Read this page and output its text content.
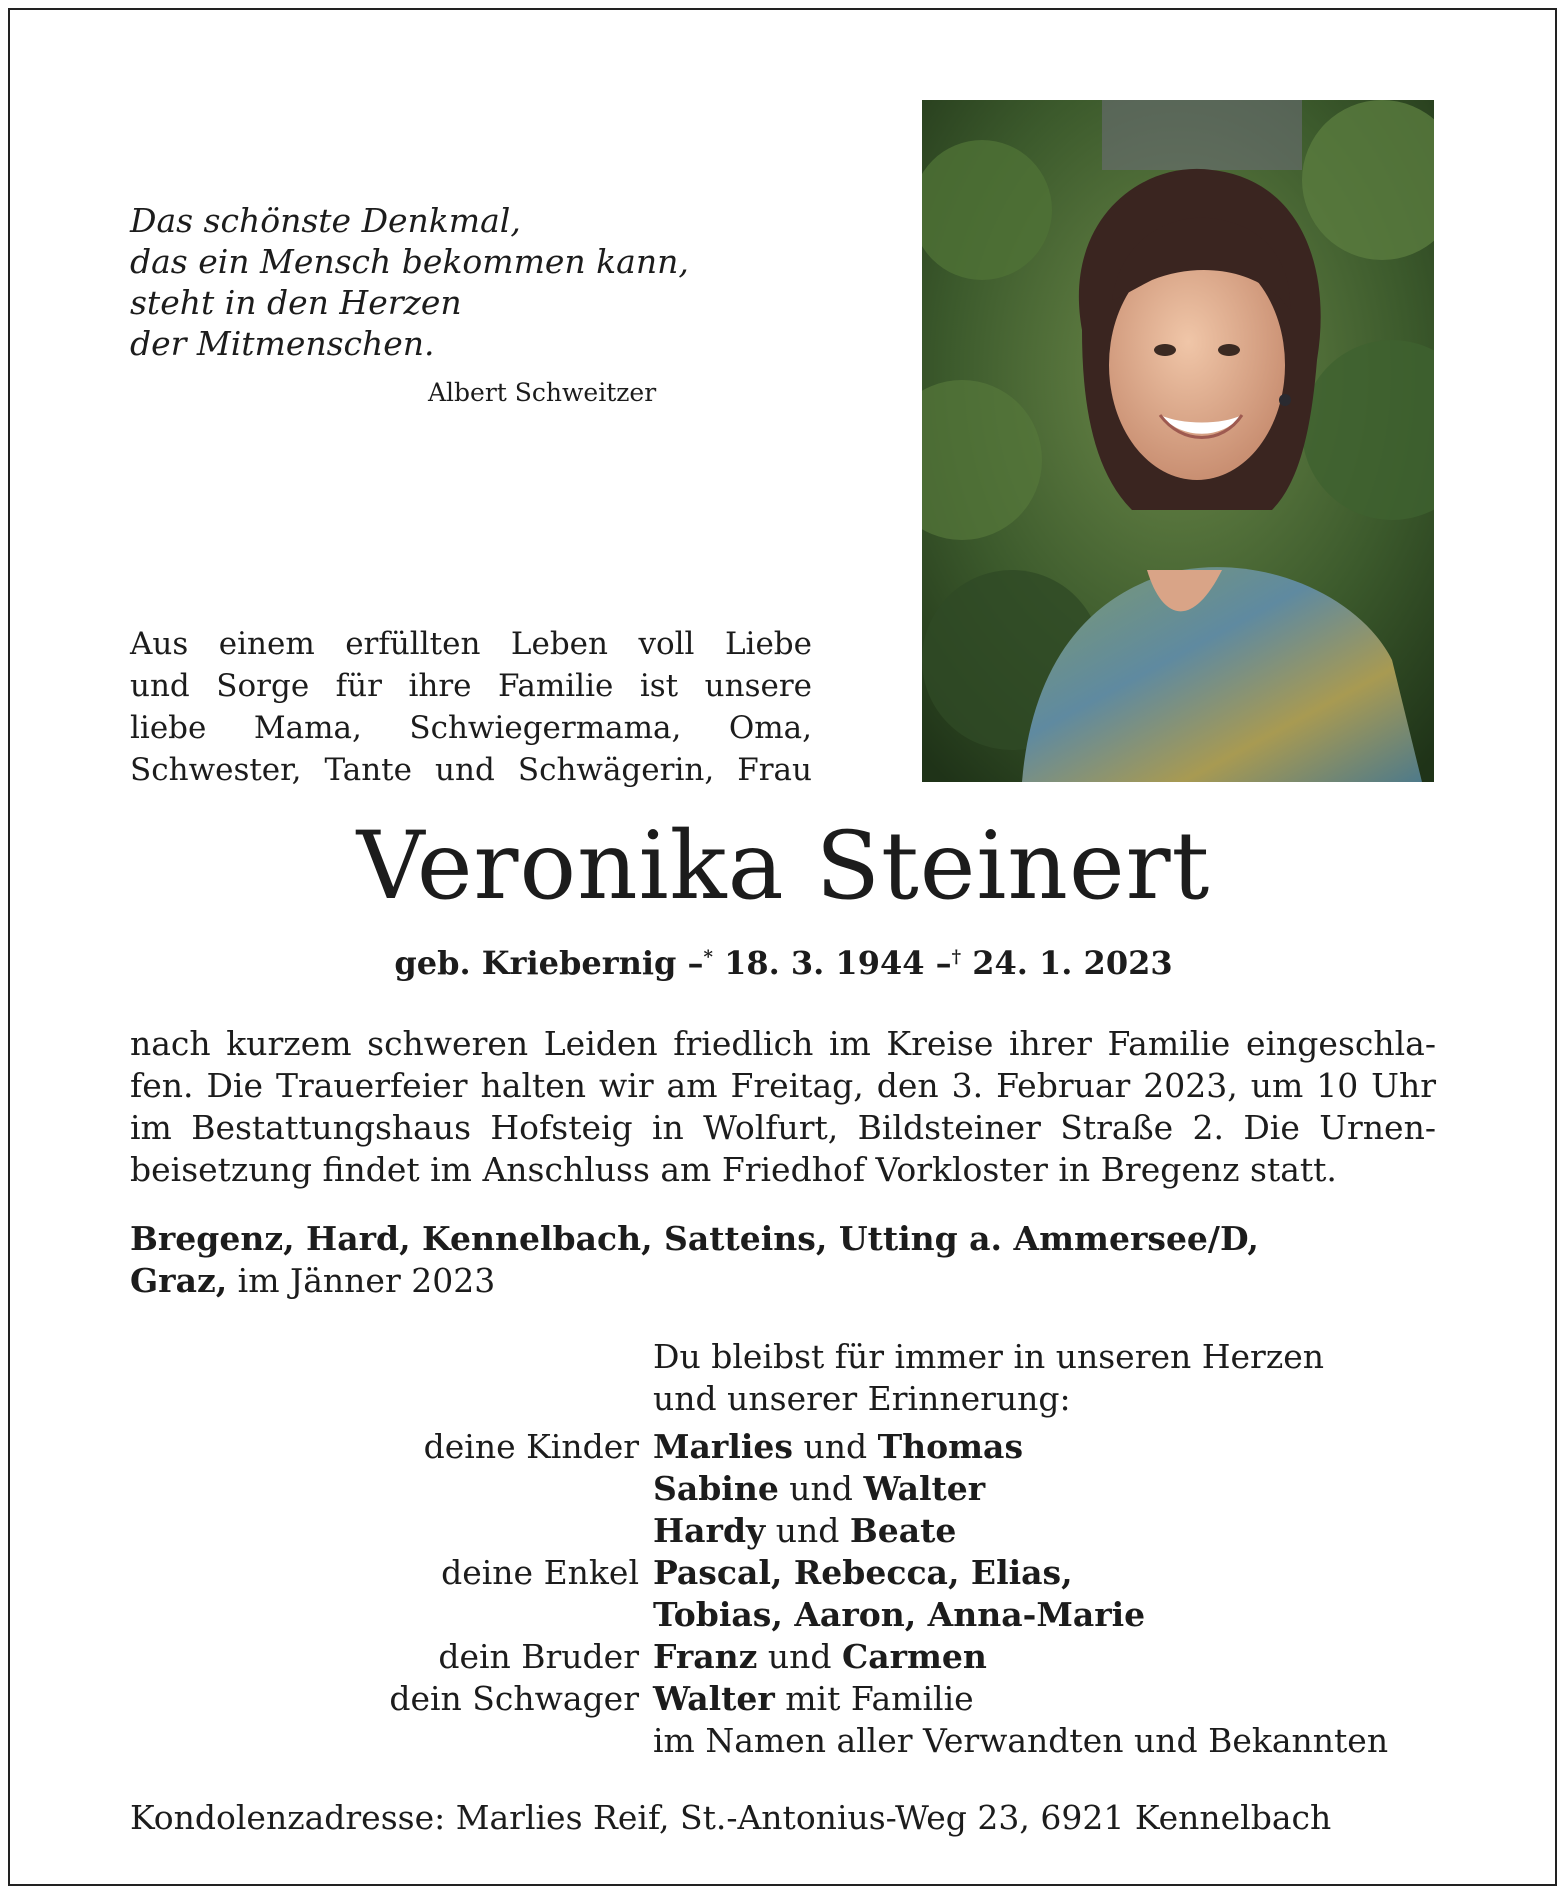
Das schönste Denkmal,
das ein Mensch bekommen kann,
steht in den Herzen
der Mitmenschen.
Albert Schweitzer
Aus einem erfüllten Leben voll Liebe
und Sorge für ihre Familie ist unsere
liebe Mama, Schwiegermama, Oma,
Schwester, Tante und Schwägerin, Frau
Veronika Steinert
geb. Kriebernig –* 18. 3. 1944 –† 24. 1. 2023
nach kurzem schweren Leiden friedlich im Kreise ihrer Familie eingeschla-
fen. Die Trauerfeier halten wir am Freitag, den 3. Februar 2023, um 10 Uhr
im Bestattungshaus Hofsteig in Wolfurt, Bildsteiner Straße 2. Die Urnen-
beisetzung findet im Anschluss am Friedhof Vorkloster in Bregenz statt.
Bregenz, Hard, Kennelbach, Satteins, Utting a. Ammersee/D,
Graz, im Jänner 2023
Du bleibst für immer in unseren Herzen
und unserer Erinnerung:
deine Kinder Marlies und Thomas
Sabine und Walter
Hardy und Beate
deine Enkel Pascal, Rebecca, Elias,
Tobias, Aaron, Anna-Marie
dein Bruder Franz und Carmen
dein Schwager Walter mit Familie
im Namen aller Verwandten und Bekannten
Kondolenzadresse: Marlies Reif, St.-Antonius-Weg 23, 6921 Kennelbach
